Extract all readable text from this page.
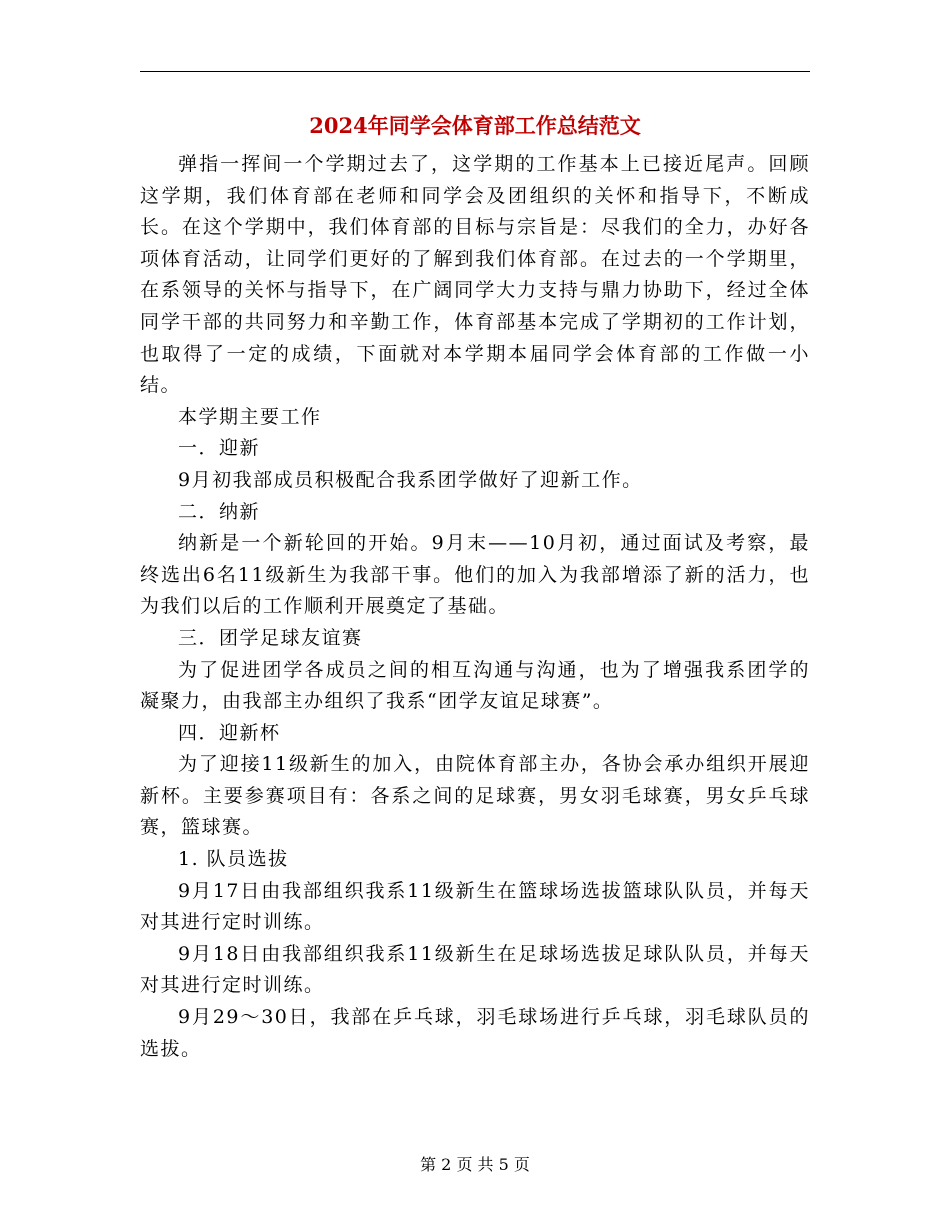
2024年同学会体育部工作总结范文

弹指一挥间一个学期过去了，这学期的工作基本上已接近尾声。回顾这学期，我们体育部在老师和同学会及团组织的关怀和指导下，不断成长。在这个学期中，我们体育部的目标与宗旨是：尽我们的全力，办好各项体育活动，让同学们更好的了解到我们体育部。在过去的一个学期里，在系领导的关怀与指导下，在广阔同学大力支持与鼎力协助下，经过全体同学干部的共同努力和辛勤工作，体育部基本完成了学期初的工作计划，也取得了一定的成绩，下面就对本学期本届同学会体育部的工作做一小结。

本学期主要工作

一．迎新

9月初我部成员积极配合我系团学做好了迎新工作。

二．纳新

纳新是一个新轮回的开始。9月末——10月初，通过面试及考察，最终选出6名11级新生为我部干事。他们的加入为我部增添了新的活力，也为我们以后的工作顺利开展奠定了基础。

三．团学足球友谊赛

为了促进团学各成员之间的相互沟通与沟通，也为了增强我系团学的凝聚力，由我部主办组织了我系“团学友谊足球赛”。

四．迎新杯

为了迎接11级新生的加入，由院体育部主办，各协会承办组织开展迎新杯。主要参赛项目有：各系之间的足球赛，男女羽毛球赛，男女乒乓球赛，篮球赛。

1. 队员选拔

9月17日由我部组织我系11级新生在篮球场选拔篮球队队员，并每天对其进行定时训练。

9月18日由我部组织我系11级新生在足球场选拔足球队队员，并每天对其进行定时训练。

9月29～30日，我部在乒乓球，羽毛球场进行乒乓球，羽毛球队员的选拔。

第 2 页 共 5 页
